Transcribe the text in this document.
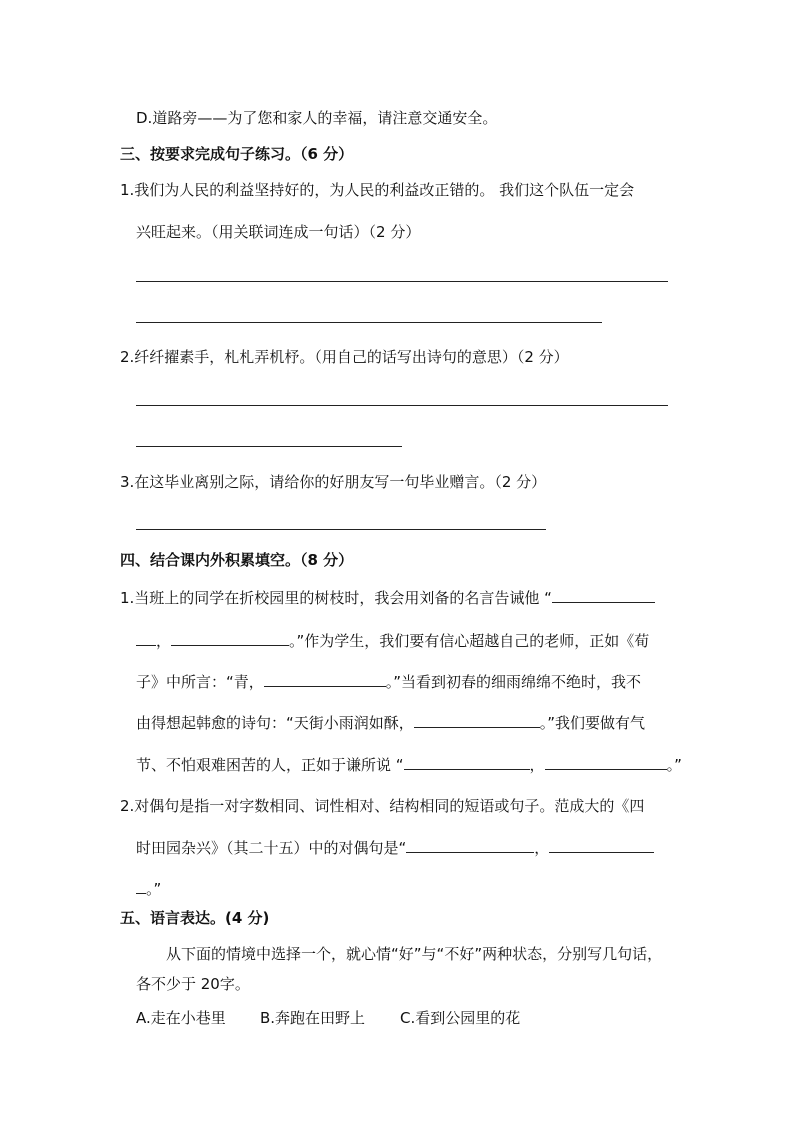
D.道路旁——为了您和家人的幸福，请注意交通安全。
三、按要求完成句子练习。（6 分）
1.我们为人民的利益坚持好的，为人民的利益改正错的。 我们这个队伍一定会
兴旺起来。（用关联词连成一句话）（2 分）
2.纤纤擢素手，札札弄机杼。（用自己的话写出诗句的意思）（2 分）
3.在这毕业离别之际，请给你的好朋友写一句毕业赠言。（2 分）
四、结合课内外积累填空。（8 分）
1.当班上的同学在折校园里的树枝时，我会用刘备的名言告诫他 “
，	。”作为学生，我们要有信心超越自己的老师，正如《荀
子》中所言：“青，	。”当看到初春的细雨绵绵不绝时，我不
由得想起韩愈的诗句：“天街小雨润如酥，	。”我们要做有气
节、不怕艰难困苦的人，正如于谦所说 “	，	。”
2.对偶句是指一对字数相同、词性相对、结构相同的短语或句子。范成大的《四
时田园杂兴》（其二十五）中的对偶句是“	，
。”
五、语言表达。(4 分)
从下面的情境中选择一个，就心情“好”与“不好”两种状态，分别写几句话，
各不少于 20字。
A.走在小巷里 B.奔跑在田野上 C.看到公园里的花
